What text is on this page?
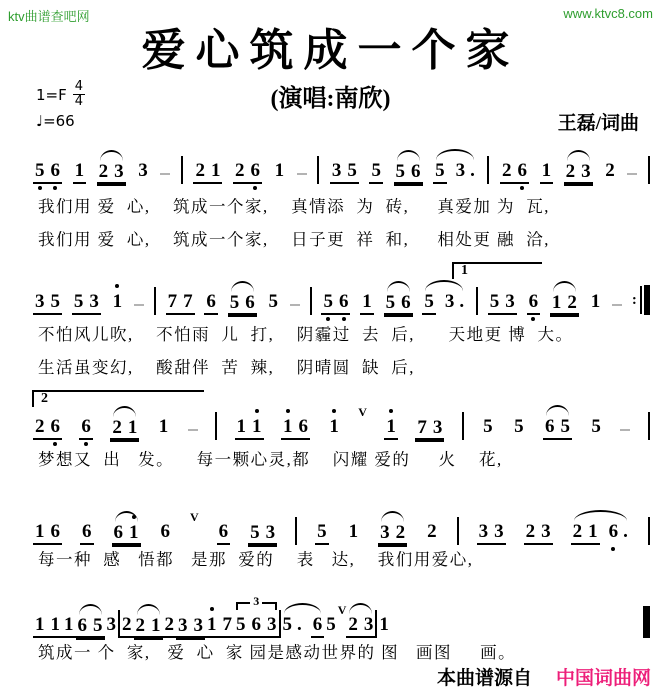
ktv曲谱查吧网	www.ktvc8.com
爱心筑成一个家
(演唱:南欣)
$1=F \frac{4}{4}$
♩=66	王磊/词曲
5 6 1 2 3 3	2 1 2 6 1	3 5 5 5 6 5 3 . 2 6 1 2 3 2
3 5 5 3 1 7 7 6 5 6 5 5 6 1 5 6 5 3 . 5 3 6 1 2 1 :
2 6 6 2 1 1	1 1 1 6 1
V
1 7 3 5 5 6 5 5
1 6 6 6 1 6
V
6 5 3 5 1 3 2 2 3 3 2 3 2 1 6 .
1 1 1 6 5 3 2 2 1 2 3 3 1 7 5 6 3
3 5 . 6 5
V
2 3 1
1
2
我们用 爱  心,    筑成一个家,    真情添  为  砖,     真爱加 为  瓦,
我们用 爱  心,    筑成一个家,    日子更  祥  和,     相处更 融  洽,
不怕风儿吹,    不怕雨  儿  打,    阴霾过  去  后,      天地更 博  大。
生活虽变幻,    酸甜伴  苦  辣,    阴晴圆  缺  后,
梦想又  出   发。    每一颗心灵,都    闪耀 爱的     火    花,
每一种  感   悟都   是那  爱的    表   达,    我们用爱心,
筑成一 个  家,   爱  心  家 园是感动世界的 图   画图     画。
本曲谱源自 中国词曲网
